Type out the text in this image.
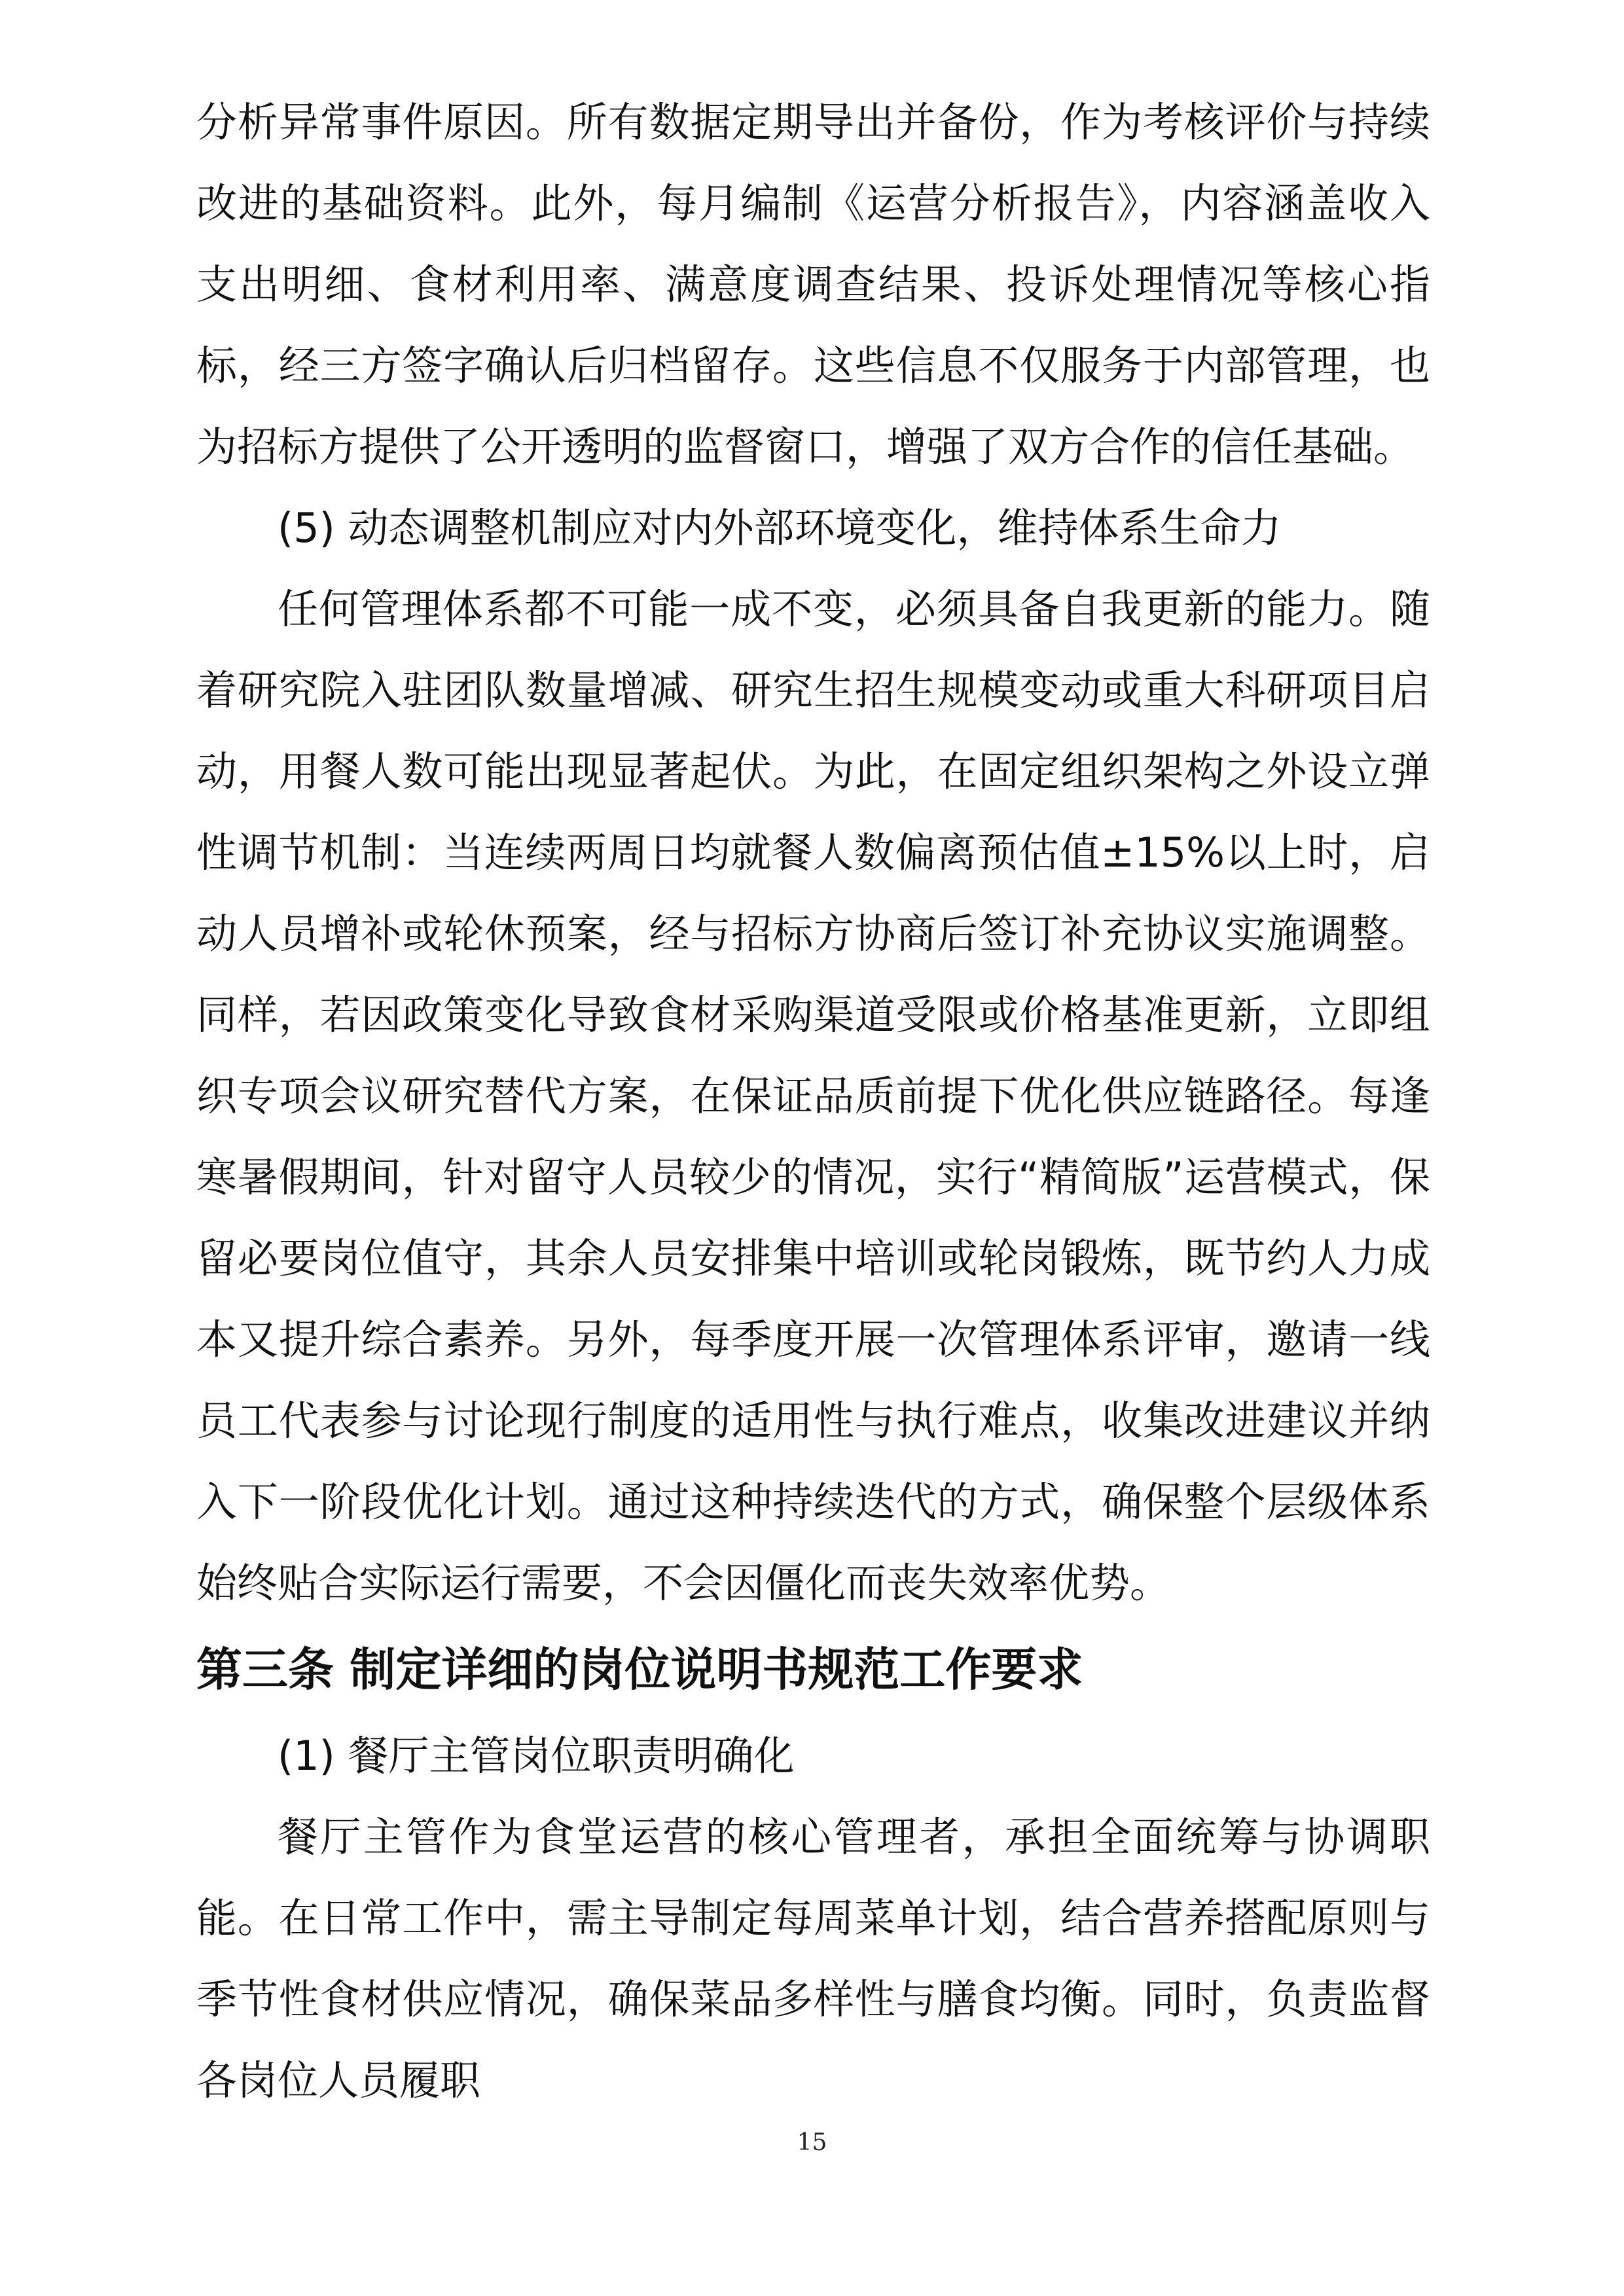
分析异常事件原因。所有数据定期导出并备份，作为考核评价与持续改进的基础资料。此外，每月编制《运营分析报告》，内容涵盖收入支出明细、食材利用率、满意度调查结果、投诉处理情况等核心指标，经三方签字确认后归档留存。这些信息不仅服务于内部管理，也为招标方提供了公开透明的监督窗口，增强了双方合作的信任基础。

(5) 动态调整机制应对内外部环境变化，维持体系生命力

任何管理体系都不可能一成不变，必须具备自我更新的能力。随着研究院入驻团队数量增减、研究生招生规模变动或重大科研项目启动，用餐人数可能出现显著起伏。为此，在固定组织架构之外设立弹性调节机制：当连续两周日均就餐人数偏离预估值±15%以上时，启动人员增补或轮休预案，经与招标方协商后签订补充协议实施调整。同样，若因政策变化导致食材采购渠道受限或价格基准更新，立即组织专项会议研究替代方案，在保证品质前提下优化供应链路径。每逢寒暑假期间，针对留守人员较少的情况，实行“精简版”运营模式，保留必要岗位值守，其余人员安排集中培训或轮岗锻炼，既节约人力成本又提升综合素养。另外，每季度开展一次管理体系评审，邀请一线员工代表参与讨论现行制度的适用性与执行难点，收集改进建议并纳入下一阶段优化计划。通过这种持续迭代的方式，确保整个层级体系始终贴合实际运行需要，不会因僵化而丧失效率优势。

第三条 制定详细的岗位说明书规范工作要求

(1) 餐厅主管岗位职责明确化

餐厅主管作为食堂运营的核心管理者，承担全面统筹与协调职能。在日常工作中，需主导制定每周菜单计划，结合营养搭配原则与季节性食材供应情况，确保菜品多样性与膳食均衡。同时，负责监督各岗位人员履职

15
